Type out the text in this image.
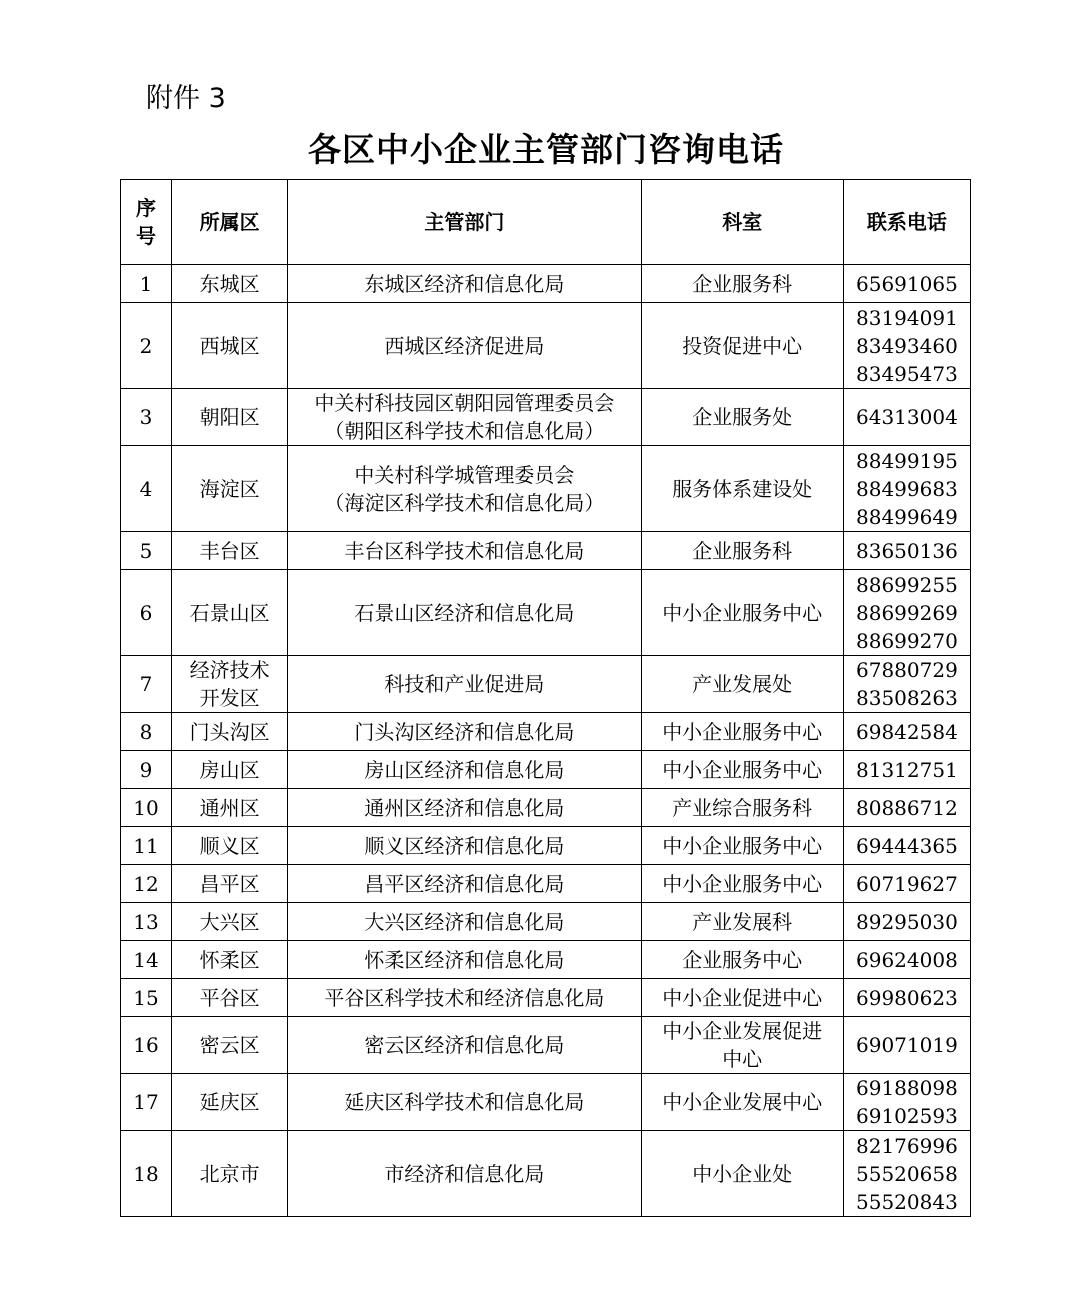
附件 3
各区中小企业主管部门咨询电话
序
号	所属区	主管部门	科室	联系电话
1	东城区	东城区经济和信息化局	企业服务科	65691065

2	西城区	西城区经济促进局	投资促进中心	83194091
83493460
83495473

3	朝阳区	中关村科技园区朝阳园管理委员会
（朝阳区科学技术和信息化局）	企业服务处	64313004

4	海淀区	中关村科学城管理委员会
（海淀区科学技术和信息化局）	服务体系建设处	88499195
88499683
88499649

5	丰台区	丰台区科学技术和信息化局	企业服务科	83650136

6	石景山区	石景山区经济和信息化局	中小企业服务中心	88699255
88699269
88699270

7	经济技术
开发区	科技和产业促进局	产业发展处	67880729
83508263

8	门头沟区	门头沟区经济和信息化局	中小企业服务中心	69842584

9	房山区	房山区经济和信息化局	中小企业服务中心	81312751

10	通州区	通州区经济和信息化局	产业综合服务科	80886712

11	顺义区	顺义区经济和信息化局	中小企业服务中心	69444365

12	昌平区	昌平区经济和信息化局	中小企业服务中心	60719627

13	大兴区	大兴区经济和信息化局	产业发展科	89295030

14	怀柔区	怀柔区经济和信息化局	企业服务中心	69624008

15	平谷区	平谷区科学技术和经济信息化局	中小企业促进中心	69980623

16	密云区	密云区经济和信息化局	中小企业发展促进
中心	69071019

17	延庆区	延庆区科学技术和信息化局	中小企业发展中心	69188098
69102593

18	北京市	市经济和信息化局	中小企业处	82176996
55520658
55520843
